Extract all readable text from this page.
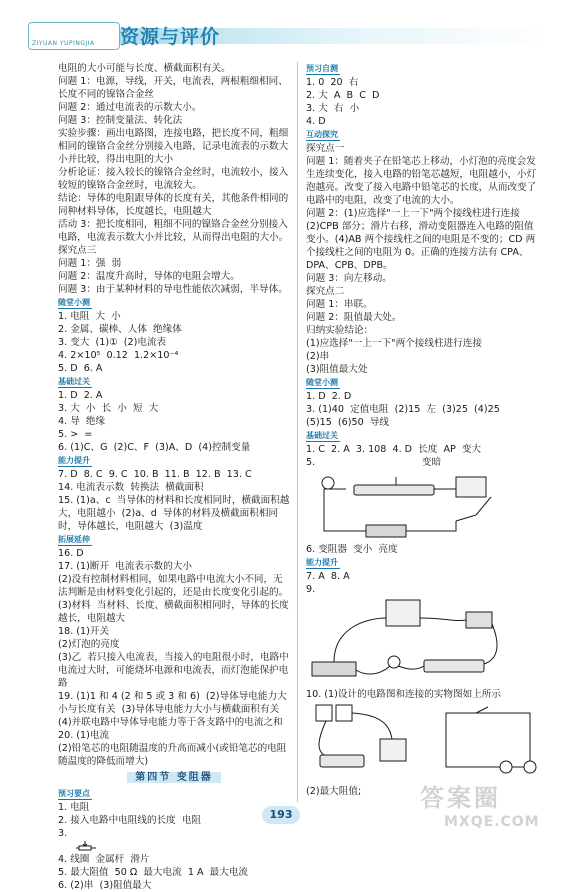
ZIYUAN YUPINGJIA 资源与评价

电阻的大小可能与长度、横截面积有关。

问题 1：电源，导线，开关，电流表，两根粗细相同、长度不同的镍铬合金丝

问题 2：通过电流表的示数大小。

问题 3：控制变量法、转化法

实验步骤：画出电路图，连接电路，把长度不同，粗细相同的镍铬合金丝分别接入电路，记录电流表的示数大小并比较，得出电阻的大小

分析论证：接入较长的镍铬合金丝时，电流较小，接入较短的镍铬合金丝时，电流较大。

结论：导体的电阻跟导体的长度有关，其他条件相同的同种材料导体，长度越长，电阻越大

活动 3：把长度相同，粗细不同的镍铬合金丝分别接入电路，电流表示数大小并比较，从而得出电阻的大小。

探究点三

问题 1：强  弱

问题 2：温度升高时，导体的电阻会增大。

问题 3：由于某种材料的导电性能依次减弱，半导体。

随堂小测

1. 电阻  大  小

2. 金属、碳棒、人体  绝缘体

3. 变大  (1)①  (2)电流表

4. 2×10⁵  0.12  1.2×10⁻⁴

5. D  6. A

基础过关

1. D  2. A

3. 大  小  长  小  短  大

4. 导  绝缘

5. >  =

6. (1)C、G  (2)C、F  (3)A、D  (4)控制变量

能力提升

7. D  8. C  9. C  10. B  11. B  12. B  13. C

14. 电流表示数  转换法  横截面积

15. (1)a、c  当导体的材料和长度相同时，横截面积越大，电阻越小  (2)a、d  导体的材料及横截面积相同时，导体越长，电阻越大  (3)温度

拓展延伸

16. D

17. (1)断开  电流表示数的大小

(2)没有控制材料相同，如果电路中电流大小不同，无法判断是由材料变化引起的，还是由长度变化引起的。

(3)材料  当材料、长度、横截面积相同时，导体的长度越长，电阻越大

18. (1)开关

(2)灯泡的亮度

(3)乙  若只接入电流表，当接入的电阻很小时，电路中电流过大时，可能烧坏电源和电流表，而灯泡能保护电路

19. (1)1 和 4 (2 和 5 或 3 和 6)  (2)导体导电能力大小与长度有关  (3)导体导电能力大小与横截面积有关  (4)并联电路中导体导电能力等于各支路中的电流之和

20. (1)电流

(2)铅笔芯的电阻随温度的升高而减小(或铅笔芯的电阻随温度的降低而增大)

第四节 变阻器
预习要点

1. 电阻

2. 接入电路中电阻线的长度  电阻

3.

4. 线圈  金属杆  滑片

5. 最大阻值  50 Ω  最大电流  1 A  最大电流

6. (2)串  (3)阻值最大

预习自测

1. 0  20  右

2. 大  A  B  C  D

3. 大  右  小

4. D

互动探究

探究点一

问题 1：随着夹子在铅笔芯上移动，小灯泡的亮度会发生连续变化，接入电路的铅笔芯越短，电阻越小，小灯泡越亮。改变了接入电路中铅笔芯的长度，从而改变了电路中的电阻，改变了电流的大小。

问题 2：(1)应选择"一上一下"两个接线柱进行连接

(2)CPB 部分；滑片右移，滑动变阻器连入电路的阻值变小。(4)AB 两个接线柱之间的电阻是不变的；CD 两个接线柱之间的电阻为 0。正确的连接方法有 CPA、DPA、CPB、DPB。

问题 3：向左移动。

探究点二

问题 1：串联。

问题 2：阻值最大处。

归纳实验结论：

(1)应选择"一上一下"两个接线柱进行连接

(2)串

(3)阻值最大处

随堂小测

1. D  2. D

3. (1)40  定值电阻  (2)15  左  (3)25  (4)25

(5)15  (6)50  导线

基础过关

1. C  2. A  3. 108  4. D  长度  AP  变大

5.                                   变暗

6. 变阻器  变小  亮度

能力提升

7. A  8. A

9.

10. (1)设计的电路图和连接的实物图如上所示

(2)最大阻值;

193
答案圈
MXQE.COM
